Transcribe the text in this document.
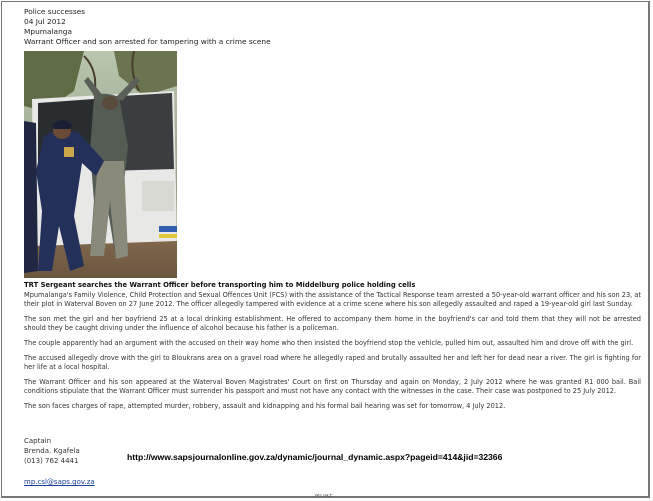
Police successes
04 Jul 2012
Mpumalanga
Warrant Officer and son arrested for tampering with a crime scene
TRT Sergeant searches the Warrant Officer before transporting him to Middelburg police holding cells

Mpumalanga's Family Violence, Child Protection and Sexual Offences Unit (FCS) with the assistance of the Tactical Response team arrested a 50-year-old warrant officer and his son 23, at their plot in Waterval Boven on 27 June 2012. The officer allegedly tampered with evidence at a crime scene where his son allegedly assaulted and raped a 19-year-old girl last Sunday.

The son met the girl and her boyfriend 25 at a local drinking establishment. He offered to accompany them home in the boyfriend's car and told them that they will not be arrested should they be caught driving under the influence of alcohol because his father is a policeman.

The couple apparently had an argument with the accused on their way home who then insisted the boyfriend stop the vehicle, pulled him out, assaulted him and drove off with the girl.

The accused allegedly drove with the girl to Bloukrans area on a gravel road where he allegedly raped and brutally assaulted her and left her for dead near a river. The girl is fighting for her life at a local hospital.

The Warrant Officer and his son appeared at the Waterval Boven Magistrates' Court on first on Thursday and again on Monday, 2 July 2012 where he was granted R1 000 bail. Bail conditions stipulate that the Warrant Officer must surrender his passport and must not have any contact with the witnesses in the case. Their case was postponed to 25 July 2012.

The son faces charges of rape, attempted murder, robbery, assault and kidnapping and his formal bail hearing was set for tomorrow, 4 July 2012.

Captain
Brenda. Kgafela
(013) 762 4441	http://www.sapsjournalonline.gov.za/dynamic/journal_dynamic.aspx?pageid=414&jid=32366
mp.csl@saps.gov.za
MORE
